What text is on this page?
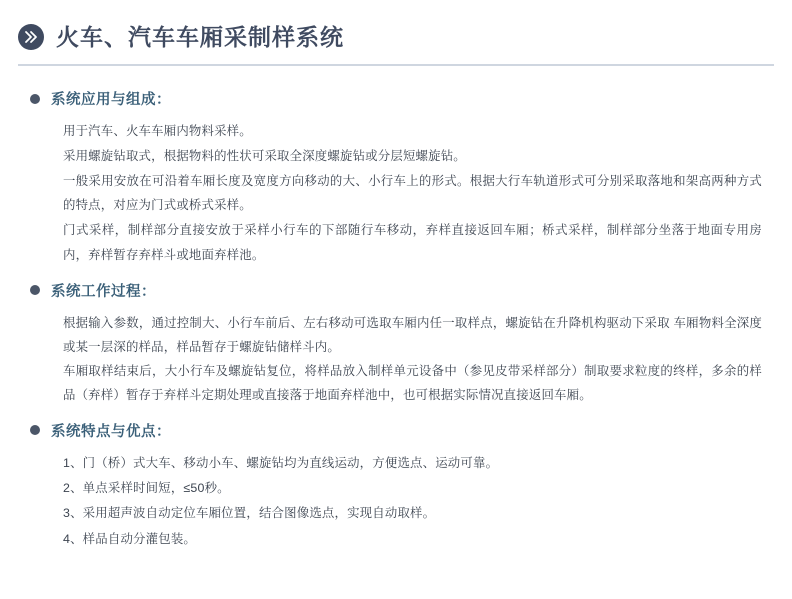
火车、汽车车厢采制样系统
系统应用与组成：

用于汽车、火车车厢内物料采样。

采用螺旋钻取式，根据物料的性状可采取全深度螺旋钻或分层短螺旋钻。

一般采用安放在可沿着车厢长度及宽度方向移动的大、小行车上的形式。根据大行车轨道形式可分别采取落地和架高两种方式的特点，对应为门式或桥式采样。

门式采样，制样部分直接安放于采样小行车的下部随行车移动，弃样直接返回车厢；桥式采样，制样部分坐落于地面专用房内，弃样暂存弃样斗或地面弃样池。

系统工作过程：

根据输入参数，通过控制大、小行车前后、左右移动可选取车厢内任一取样点，螺旋钻在升降机构驱动下采取 车厢物料全深度或某一层深的样品，样品暂存于螺旋钻储样斗内。

车厢取样结束后，大小行车及螺旋钻复位，将样品放入制样单元设备中（参见皮带采样部分）制取要求粒度的终样，多余的样品（弃样）暂存于弃样斗定期处理或直接落于地面弃样池中，也可根据实际情况直接返回车厢。

系统特点与优点：

1、门（桥）式大车、移动小车、螺旋钻均为直线运动，方便选点、运动可靠。

2、单点采样时间短，≤50秒。

3、采用超声波自动定位车厢位置，结合图像选点，实现自动取样。

4、样品自动分灌包装。
